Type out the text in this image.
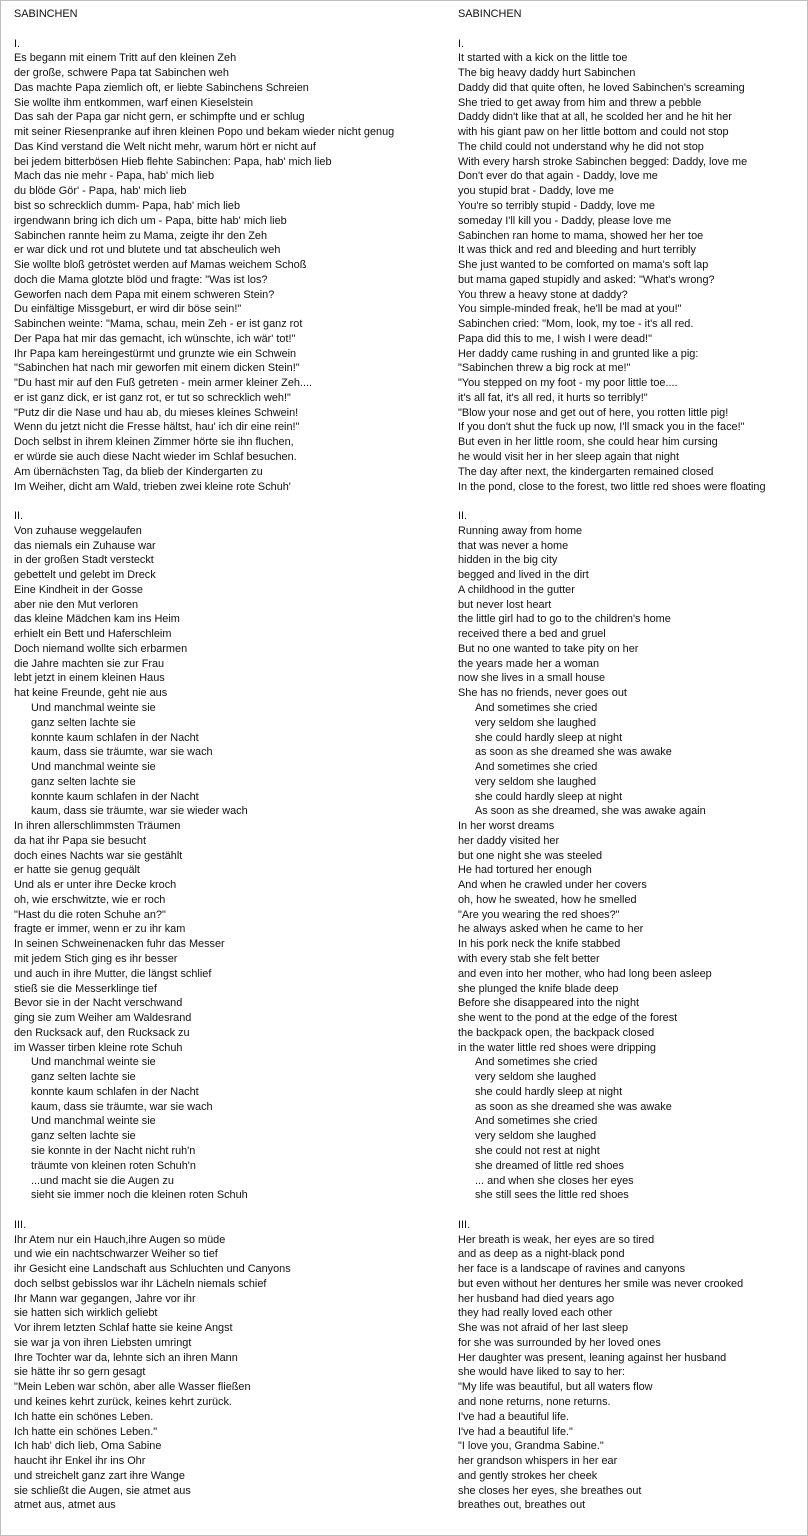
SABINCHEN
I.
Es begann mit einem Tritt auf den kleinen Zeh
der große, schwere Papa tat Sabinchen weh
Das machte Papa ziemlich oft, er liebte Sabinchens Schreien
Sie wollte ihm entkommen, warf einen Kieselstein
Das sah der Papa gar nicht gern, er schimpfte und er schlug
mit seiner Riesenpranke auf ihren kleinen Popo und bekam wieder nicht genug
Das Kind verstand die Welt nicht mehr, warum hört er nicht auf
bei jedem bitterbösen Hieb flehte Sabinchen: Papa, hab' mich lieb
Mach das nie mehr - Papa, hab' mich lieb
du blöde Gör' - Papa, hab' mich lieb
bist so schrecklich dumm- Papa, hab' mich lieb
irgendwann bring ich dich um - Papa, bitte hab' mich lieb
Sabinchen rannte heim zu Mama, zeigte ihr den Zeh
er war dick und rot und blutete und tat abscheulich weh
Sie wollte bloß getröstet werden auf Mamas weichem Schoß
doch die Mama glotzte blöd und fragte: "Was ist los?
Geworfen nach dem Papa mit einem schweren Stein?
Du einfältige Missgeburt, er wird dir böse sein!"
Sabinchen weinte: "Mama, schau, mein Zeh - er ist ganz rot
Der Papa hat mir das gemacht, ich wünschte, ich wär' tot!"
Ihr Papa kam hereingestürmt und grunzte wie ein Schwein
"Sabinchen hat nach mir geworfen mit einem dicken Stein!"
"Du hast mir auf den Fuß getreten - mein armer kleiner Zeh....
er ist ganz dick, er ist ganz rot, er tut so schrecklich weh!"
"Putz dir die Nase und hau ab, du mieses kleines Schwein!
Wenn du jetzt nicht die Fresse hältst, hau' ich dir eine rein!"
Doch selbst in ihrem kleinen Zimmer hörte sie ihn fluchen,
er würde sie auch diese Nacht wieder im Schlaf besuchen.
Am übernächsten Tag, da blieb der Kindergarten zu
Im Weiher, dicht am Wald, trieben zwei kleine rote Schuh'
II.
Von zuhause weggelaufen
das niemals ein Zuhause war
in der großen Stadt versteckt
gebettelt und gelebt im Dreck
Eine Kindheit in der Gosse
aber nie den Mut verloren
das kleine Mädchen kam ins Heim
erhielt ein Bett und Haferschleim
Doch niemand wollte sich erbarmen
die Jahre machten sie zur Frau
lebt jetzt in einem kleinen Haus
hat keine Freunde, geht nie aus
Und manchmal weinte sie
ganz selten lachte sie
konnte kaum schlafen in der Nacht
kaum, dass sie träumte, war sie wach
Und manchmal weinte sie
ganz selten lachte sie
konnte kaum schlafen in der Nacht
kaum, dass sie träumte, war sie wieder wach
In ihren allerschlimmsten Träumen
da hat ihr Papa sie besucht
doch eines Nachts war sie gestählt
er hatte sie genug gequält
Und als er unter ihre Decke kroch
oh, wie erschwitzte, wie er roch
"Hast du die roten Schuhe an?"
fragte er immer, wenn er zu ihr kam
In seinen Schweinenacken fuhr das Messer
mit jedem Stich ging es ihr besser
und auch in ihre Mutter, die längst schlief
stieß sie die Messerklinge tief
Bevor sie in der Nacht verschwand
ging sie zum Weiher am Waldesrand
den Rucksack auf, den Rucksack zu
im Wasser tirben kleine rote Schuh
Und manchmal weinte sie
ganz selten lachte sie
konnte kaum schlafen in der Nacht
kaum, dass sie träumte, war sie wach
Und manchmal weinte sie
ganz selten lachte sie
sie konnte in der Nacht nicht ruh'n
träumte von kleinen roten Schuh'n
...und macht sie die Augen zu
sieht sie immer noch die kleinen roten Schuh
III.
Ihr Atem nur ein Hauch,ihre Augen so müde
und wie ein nachtschwarzer Weiher so tief
ihr Gesicht eine Landschaft aus Schluchten und Canyons
doch selbst gebisslos war ihr Lächeln niemals schief
Ihr Mann war gegangen, Jahre vor ihr
sie hatten sich wirklich geliebt
Vor ihrem letzten Schlaf hatte sie keine Angst
sie war ja von ihren Liebsten umringt
Ihre Tochter war da, lehnte sich an ihren Mann
sie hätte ihr so gern gesagt
"Mein Leben war schön, aber alle Wasser fließen
und keines kehrt zurück, keines kehrt zurück.
Ich hatte ein schönes Leben.
Ich hatte ein schönes Leben."
Ich hab' dich lieb, Oma Sabine
haucht ihr Enkel ihr ins Ohr
und streichelt ganz zart ihre Wange
sie schließt die Augen, sie atmet aus
atmet aus, atmet aus
SABINCHEN
I.
It started with a kick on the little toe
The big heavy daddy hurt Sabinchen
Daddy did that quite often, he loved Sabinchen's screaming
She tried to get away from him and threw a pebble
Daddy didn't like that at all, he scolded her and he hit her
with his giant paw on her little bottom and could not stop
The child could not understand why he did not stop
With every harsh stroke Sabinchen begged: Daddy, love me
Don't ever do that again - Daddy, love me
you stupid brat - Daddy, love me
You're so terribly stupid - Daddy, love me
someday I'll kill you - Daddy, please love me
Sabinchen ran home to mama, showed her her toe
It was thick and red and bleeding and hurt terribly
She just wanted to be comforted on mama's soft lap
but mama gaped stupidly and asked: "What's wrong?
You threw a heavy stone at daddy?
You simple-minded freak, he'll be mad at you!"
Sabinchen cried: "Mom, look, my toe - it's all red.
Papa did this to me, I wish I were dead!"
Her daddy came rushing in and grunted like a pig:
"Sabinchen threw a big rock at me!"
"You stepped on my foot - my poor little toe....
it's all fat, it's all red, it hurts so terribly!"
"Blow your nose and get out of here, you rotten little pig!
If you don't shut the fuck up now, I'll smack you in the face!"
But even in her little room, she could hear him cursing
he would visit her in her sleep again that night
The day after next, the kindergarten remained closed
In the pond, close to the forest, two little red shoes were floating
II.
Running away from home
that was never a home
hidden in the big city
begged and lived in the dirt
A childhood in the gutter
but never lost heart
the little girl had to go to the children's home
received there a bed and gruel
But no one wanted to take pity on her
the years made her a woman
now she lives in a small house
She has no friends, never goes out
And sometimes she cried
very seldom she laughed
she could hardly sleep at night
as soon as she dreamed she was awake
And sometimes she cried
very seldom she laughed
she could hardly sleep at night
As soon as she dreamed, she was awake again
In her worst dreams
her daddy visited her
but one night she was steeled
He had tortured her enough
And when he crawled under her covers
oh, how he sweated, how he smelled
"Are you wearing the red shoes?"
he always asked when he came to her
In his pork neck the knife stabbed
with every stab she felt better
and even into her mother, who had long been asleep
she plunged the knife blade deep
Before she disappeared into the night
she went to the pond at the edge of the forest
the backpack open, the backpack closed
in the water little red shoes were dripping
And sometimes she cried
very seldom she laughed
she could hardly sleep at night
as soon as she dreamed she was awake
And sometimes she cried
very seldom she laughed
she could not rest at night
she dreamed of little red shoes
... and when she closes her eyes
she still sees the little red shoes
III.
Her breath is weak, her eyes are so tired
and as deep as a night-black pond
her face is a landscape of ravines and canyons
but even without her dentures her smile was never crooked
her husband had died years ago
they had really loved each other
She was not afraid of her last sleep
for she was surrounded by her loved ones
Her daughter was present, leaning against her husband
she would have liked to say to her:
"My life was beautiful, but all waters flow
and none returns, none returns.
I've had a beautiful life.
I've had a beautiful life."
"I love you, Grandma Sabine."
her grandson whispers in her ear
and gently strokes her cheek
she closes her eyes, she breathes out
breathes out, breathes out
